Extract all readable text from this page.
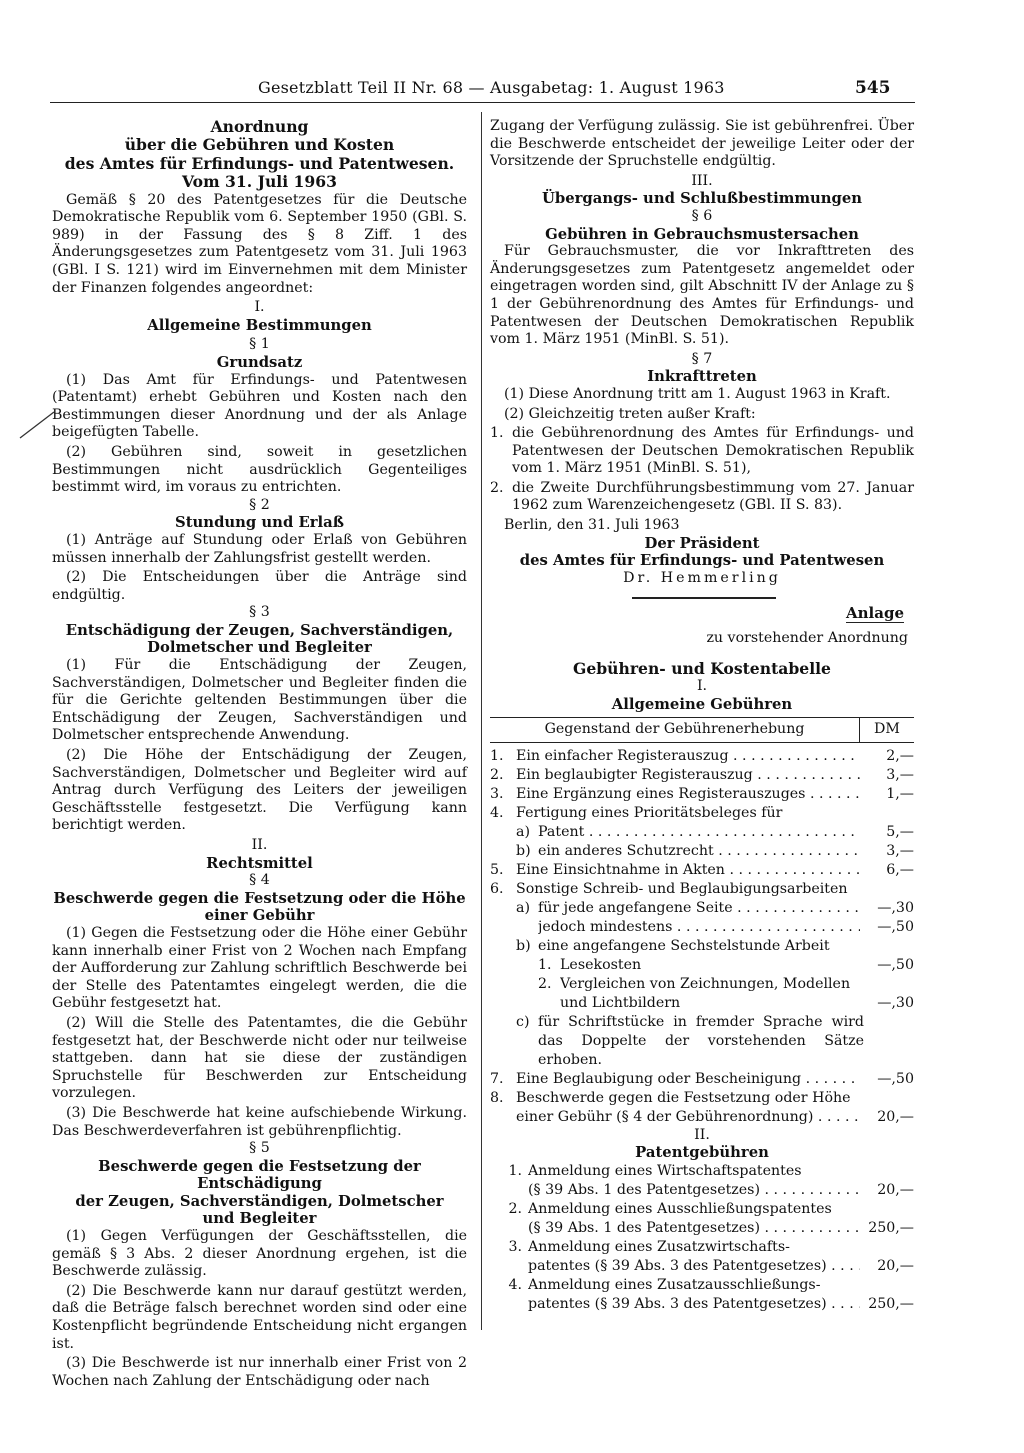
Gesetzblatt Teil II Nr. 68 — Ausgabetag: 1. August 1963	545

Anordnung

über die Gebühren und Kosten

des Amtes für Erfindungs- und Patentwesen.

Vom 31. Juli 1963

Gemäß § 20 des Patentgesetzes für die Deutsche Demokratische Republik vom 6. September 1950 (GBl. S. 989) in der Fassung des § 8 Ziff. 1 des Änderungsgesetzes zum Patentgesetz vom 31. Juli 1963 (GBl. I S. 121) wird im Einvernehmen mit dem Minister der Finanzen folgendes angeordnet:

I.

Allgemeine Bestimmungen

§ 1

Grundsatz

(1) Das Amt für Erfindungs- und Patentwesen (Patentamt) erhebt Gebühren und Kosten nach den Bestimmungen dieser Anordnung und der als Anlage beigefügten Tabelle.

(2) Gebühren sind, soweit in gesetzlichen Bestimmungen nicht ausdrücklich Gegenteiliges bestimmt wird, im voraus zu entrichten.

§ 2

Stundung und Erlaß

(1) Anträge auf Stundung oder Erlaß von Gebühren müssen innerhalb der Zahlungsfrist gestellt werden.

(2) Die Entscheidungen über die Anträge sind endgültig.

§ 3

Entschädigung der Zeugen, Sachverständigen,

Dolmetscher und Begleiter

(1) Für die Entschädigung der Zeugen, Sachverständigen, Dolmetscher und Begleiter finden die für die Gerichte geltenden Bestimmungen über die Entschädigung der Zeugen, Sachverständigen und Dolmetscher entsprechende Anwendung.

(2) Die Höhe der Entschädigung der Zeugen, Sachverständigen, Dolmetscher und Begleiter wird auf Antrag durch Verfügung des Leiters der jeweiligen Geschäftsstelle festgesetzt. Die Verfügung kann berichtigt werden.

II.

Rechtsmittel

§ 4

Beschwerde gegen die Festsetzung oder die Höhe

einer Gebühr

(1) Gegen die Festsetzung oder die Höhe einer Gebühr kann innerhalb einer Frist von 2 Wochen nach Empfang der Aufforderung zur Zahlung schriftlich Beschwerde bei der Stelle des Patentamtes eingelegt werden, die die Gebühr festgesetzt hat.

(2) Will die Stelle des Patentamtes, die die Gebühr festgesetzt hat, der Beschwerde nicht oder nur teilweise stattgeben. dann hat sie diese der zuständigen Spruchstelle für Beschwerden zur Entscheidung vorzulegen.

(3) Die Beschwerde hat keine aufschiebende Wirkung. Das Beschwerdeverfahren ist gebührenpflichtig.

§ 5

Beschwerde gegen die Festsetzung der Entschädigung

der Zeugen, Sachverständigen, Dolmetscher

und Begleiter

(1) Gegen Verfügungen der Geschäftsstellen, die gemäß § 3 Abs. 2 dieser Anordnung ergehen, ist die Beschwerde zulässig.

(2) Die Beschwerde kann nur darauf gestützt werden, daß die Beträge falsch berechnet worden sind oder eine Kostenpflicht begründende Entscheidung nicht ergangen ist.

(3) Die Beschwerde ist nur innerhalb einer Frist von 2 Wochen nach Zahlung der Entschädigung oder nach

Zugang der Verfügung zulässig. Sie ist gebührenfrei. Über die Beschwerde entscheidet der jeweilige Leiter oder der Vorsitzende der Spruchstelle endgültig.

III.

Übergangs- und Schlußbestimmungen

§ 6

Gebühren in Gebrauchsmustersachen

Für Gebrauchsmuster, die vor Inkrafttreten des Änderungsgesetzes zum Patentgesetz angemeldet oder eingetragen worden sind, gilt Abschnitt IV der Anlage zu § 1 der Gebührenordnung des Amtes für Erfindungs- und Patentwesen der Deutschen Demokratischen Republik vom 1. März 1951 (MinBl. S. 51).

§ 7

Inkrafttreten

(1) Diese Anordnung tritt am 1. August 1963 in Kraft.

(2) Gleichzeitig treten außer Kraft:

1. die Gebührenordnung des Amtes für Erfindungs- und Patentwesen der Deutschen Demokratischen Republik vom 1. März 1951 (MinBl. S. 51),
2. die Zweite Durchführungsbestimmung vom 27. Januar 1962 zum Warenzeichengesetz (GBl. II S. 83).

Berlin, den 31. Juli 1963

Der Präsident

des Amtes für Erfindungs- und Patentwesen

Dr. Hemmerling

Anlage

zu vorstehender Anordnung

Gebühren- und Kostentabelle

I.

Allgemeine Gebühren

Gegenstand der Gebührenerhebung	DM
1. Ein einfacher Registerauszug . . .	2,—
2. Ein beglaubigter Registerauszug . . .	3,—
3. Eine Ergänzung eines Registerauszuges . . .	1,—
4. Fertigung eines Prioritätsbeleges für
a) Patent . . .	5,—
b) ein anderes Schutzrecht . . .	3,—
5. Eine Einsichtnahme in Akten . . .	6,—
6. Sonstige Schreib- und Beglaubigungsarbeiten
a) für jede angefangene Seite . . .	—,30
jedoch mindestens . . .	—,50
b) eine angefangene Sechstelstunde Arbeit
1. Lesekosten	—,50
2. Vergleichen von Zeichnungen, Modellen
und Lichtbildern	—,30
c) für Schriftstücke in fremder Sprache wird das Doppelte der vorstehenden Sätze erhoben.
7. Eine Beglaubigung oder Bescheinigung . . .	—,50
8. Beschwerde gegen die Festsetzung oder Höhe
einer Gebühr (§ 4 der Gebührenordnung) . . .	20,—

II.

Patentgebühren

1. Anmeldung eines Wirtschaftspatentes
(§ 39 Abs. 1 des Patentgesetzes) . . .	20,—
2. Anmeldung eines Ausschließungspatentes
(§ 39 Abs. 1 des Patentgesetzes) . . .	250,—
3. Anmeldung eines Zusatzwirtschafts-
patentes (§ 39 Abs. 3 des Patentgesetzes) . . .	20,—
4. Anmeldung eines Zusatzausschließungs-
patentes (§ 39 Abs. 3 des Patentgesetzes) . . .	250,—
